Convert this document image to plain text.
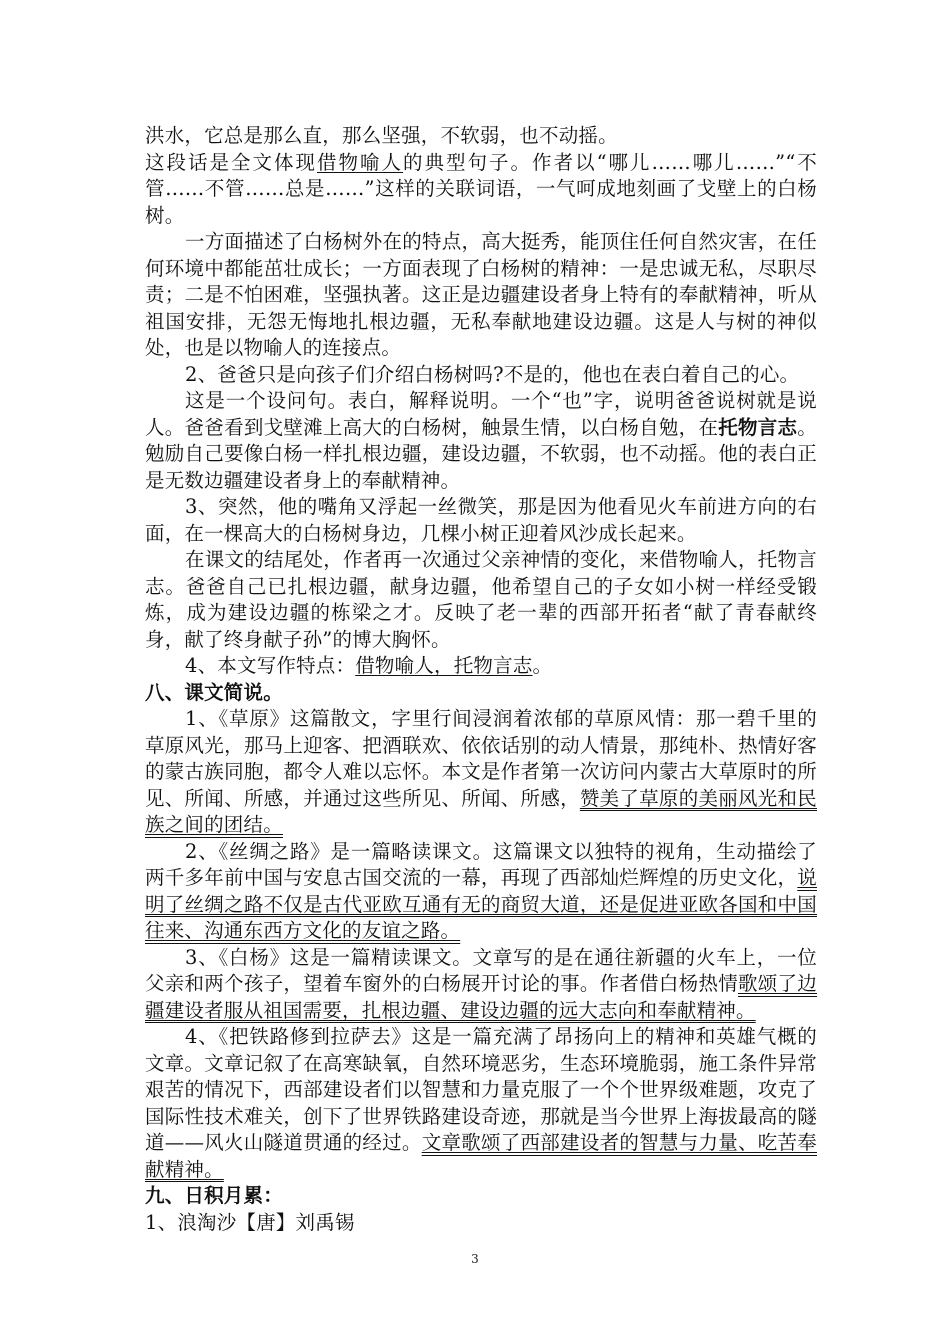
洪水，它总是那么直，那么坚强，不软弱，也不动摇。

这段话是全文体现借物喻人的典型句子。作者以“哪儿……哪儿……”“不管……不管……总是……”这样的关联词语，一气呵成地刻画了戈壁上的白杨树。

一方面描述了白杨树外在的特点，高大挺秀，能顶住任何自然灾害，在任何环境中都能茁壮成长；一方面表现了白杨树的精神：一是忠诚无私，尽职尽责；二是不怕困难，坚强执著。这正是边疆建设者身上特有的奉献精神，听从祖国安排，无怨无悔地扎根边疆，无私奉献地建设边疆。这是人与树的神似处，也是以物喻人的连接点。

2、爸爸只是向孩子们介绍白杨树吗?不是的，他也在表白着自己的心。

这是一个设问句。表白，解释说明。一个“也”字，说明爸爸说树就是说人。爸爸看到戈壁滩上高大的白杨树，触景生情，以白杨自勉，在托物言志。勉励自己要像白杨一样扎根边疆，建设边疆，不软弱，也不动摇。他的表白正是无数边疆建设者身上的奉献精神。

3、突然，他的嘴角又浮起一丝微笑，那是因为他看见火车前进方向的右面，在一棵高大的白杨树身边，几棵小树正迎着风沙成长起来。

在课文的结尾处，作者再一次通过父亲神情的变化，来借物喻人，托物言志。爸爸自己已扎根边疆，献身边疆，他希望自己的子女如小树一样经受锻炼，成为建设边疆的栋梁之才。反映了老一辈的西部开拓者“献了青春献终身，献了终身献子孙”的博大胸怀。

4、本文写作特点：借物喻人，托物言志。

八、课文简说。

1、《草原》这篇散文，字里行间浸润着浓郁的草原风情：那一碧千里的草原风光，那马上迎客、把酒联欢、依依话别的动人情景，那纯朴、热情好客的蒙古族同胞，都令人难以忘怀。本文是作者第一次访问内蒙古大草原时的所见、所闻、所感，并通过这些所见、所闻、所感，赞美了草原的美丽风光和民族之间的团结。

2、《丝绸之路》是一篇略读课文。这篇课文以独特的视角，生动描绘了两千多年前中国与安息古国交流的一幕，再现了西部灿烂辉煌的历史文化，说明了丝绸之路不仅是古代亚欧互通有无的商贸大道，还是促进亚欧各国和中国往来、沟通东西方文化的友谊之路。

3、《白杨》这是一篇精读课文。文章写的是在通往新疆的火车上，一位父亲和两个孩子，望着车窗外的白杨展开讨论的事。作者借白杨热情歌颂了边疆建设者服从祖国需要，扎根边疆、建设边疆的远大志向和奉献精神。

4、《把铁路修到拉萨去》这是一篇充满了昂扬向上的精神和英雄气概的文章。文章记叙了在高寒缺氧，自然环境恶劣，生态环境脆弱，施工条件异常艰苦的情况下，西部建设者们以智慧和力量克服了一个个世界级难题，攻克了国际性技术难关，创下了世界铁路建设奇迹，那就是当今世界上海拔最高的隧道——风火山隧道贯通的经过。文章歌颂了西部建设者的智慧与力量、吃苦奉献精神。

九、日积月累：

1、浪淘沙【唐】刘禹锡

3
